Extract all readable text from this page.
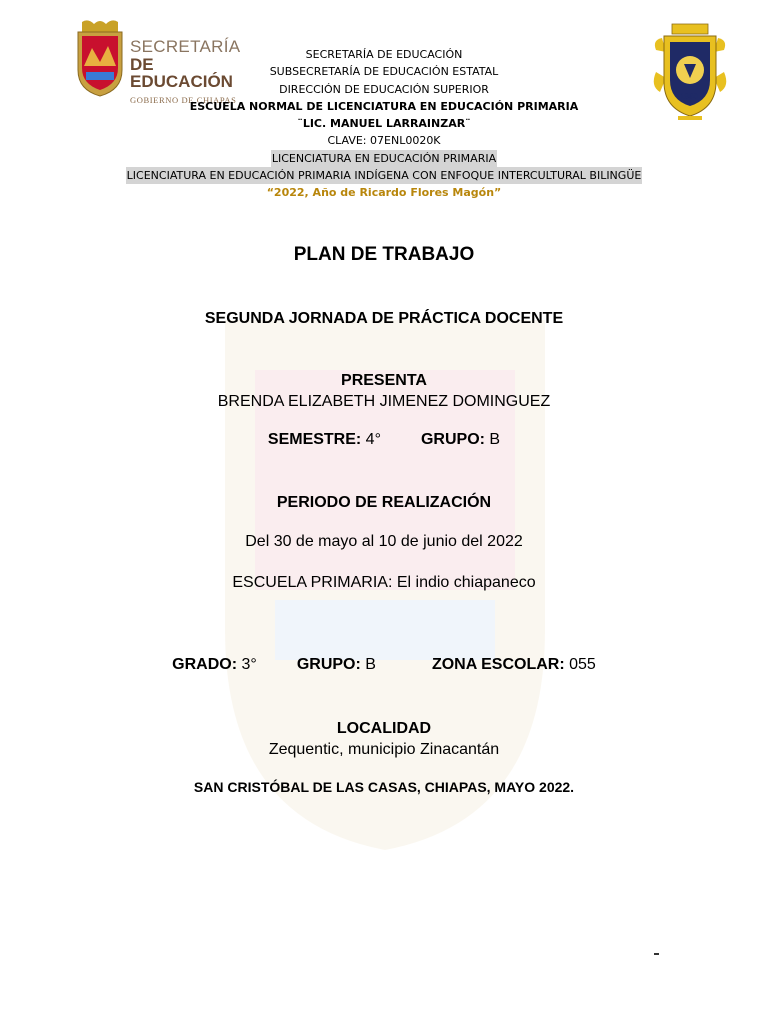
SECRETARÍA
DE EDUCACIÓN
GOBIERNO DE CHIAPAS	1960
SECRETARÍA DE EDUCACIÓN
SUBSECRETARÍA DE EDUCACIÓN ESTATAL
DIRECCIÓN DE EDUCACIÓN SUPERIOR
ESCUELA NORMAL DE LICENCIATURA EN EDUCACIÓN PRIMARIA
¨LIC. MANUEL LARRAINZAR¨
CLAVE: 07ENL0020K
LICENCIATURA EN EDUCACIÓN PRIMARIA
LICENCIATURA EN EDUCACIÓN PRIMARIA INDÍGENA CON ENFOQUE INTERCULTURAL BILINGÜE
“2022, Año de Ricardo Flores Magón”
PLAN DE TRABAJO
SEGUNDA JORNADA DE PRÁCTICA DOCENTE
PRESENTA
BRENDA ELIZABETH JIMENEZ DOMINGUEZ
SEMESTRE: 4°	GRUPO: B
PERIODO DE REALIZACIÓN
Del 30 de mayo al 10 de junio del 2022
ESCUELA PRIMARIA: El indio chiapaneco
GRADO: 3°	GRUPO: B	ZONA ESCOLAR: 055
LOCALIDAD
Zequentic, municipio Zinacantán
SAN CRISTÓBAL DE LAS CASAS, CHIAPAS, MAYO 2022.
